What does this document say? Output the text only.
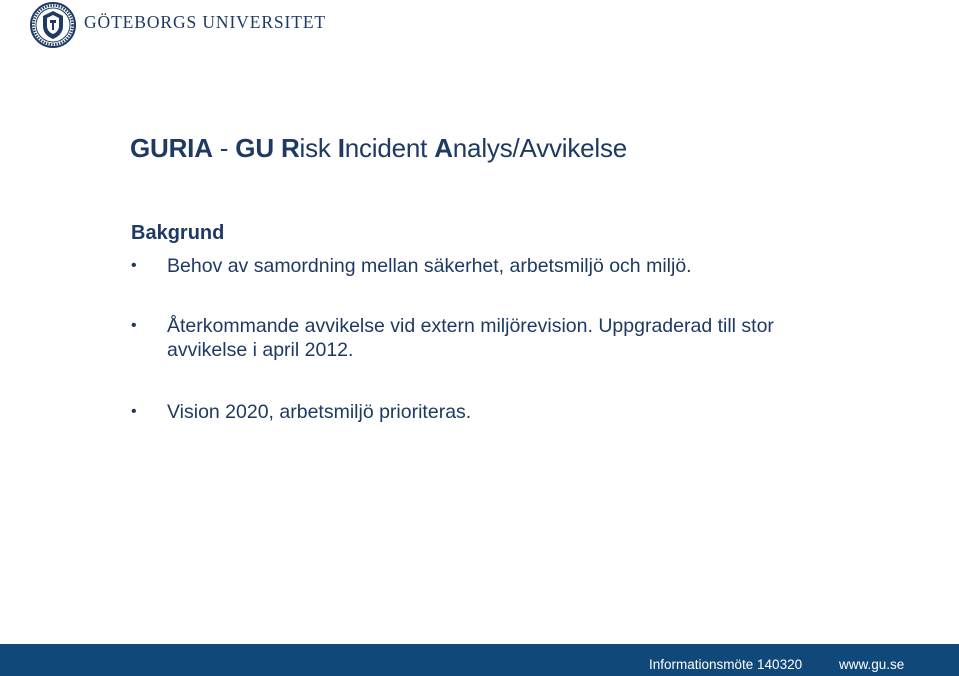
GÖTEBORGS UNIVERSITET
GURIA - GU Risk Incident Analys/Avvikelse
Bakgrund
• Behov av samordning mellan säkerhet, arbetsmiljö och miljö.
• Återkommande avvikelse vid extern miljörevision. Uppgraderad till stor avvikelse i april 2012.
• Vision 2020, arbetsmiljö prioriteras.
Informationsmöte 140320	www.gu.se
